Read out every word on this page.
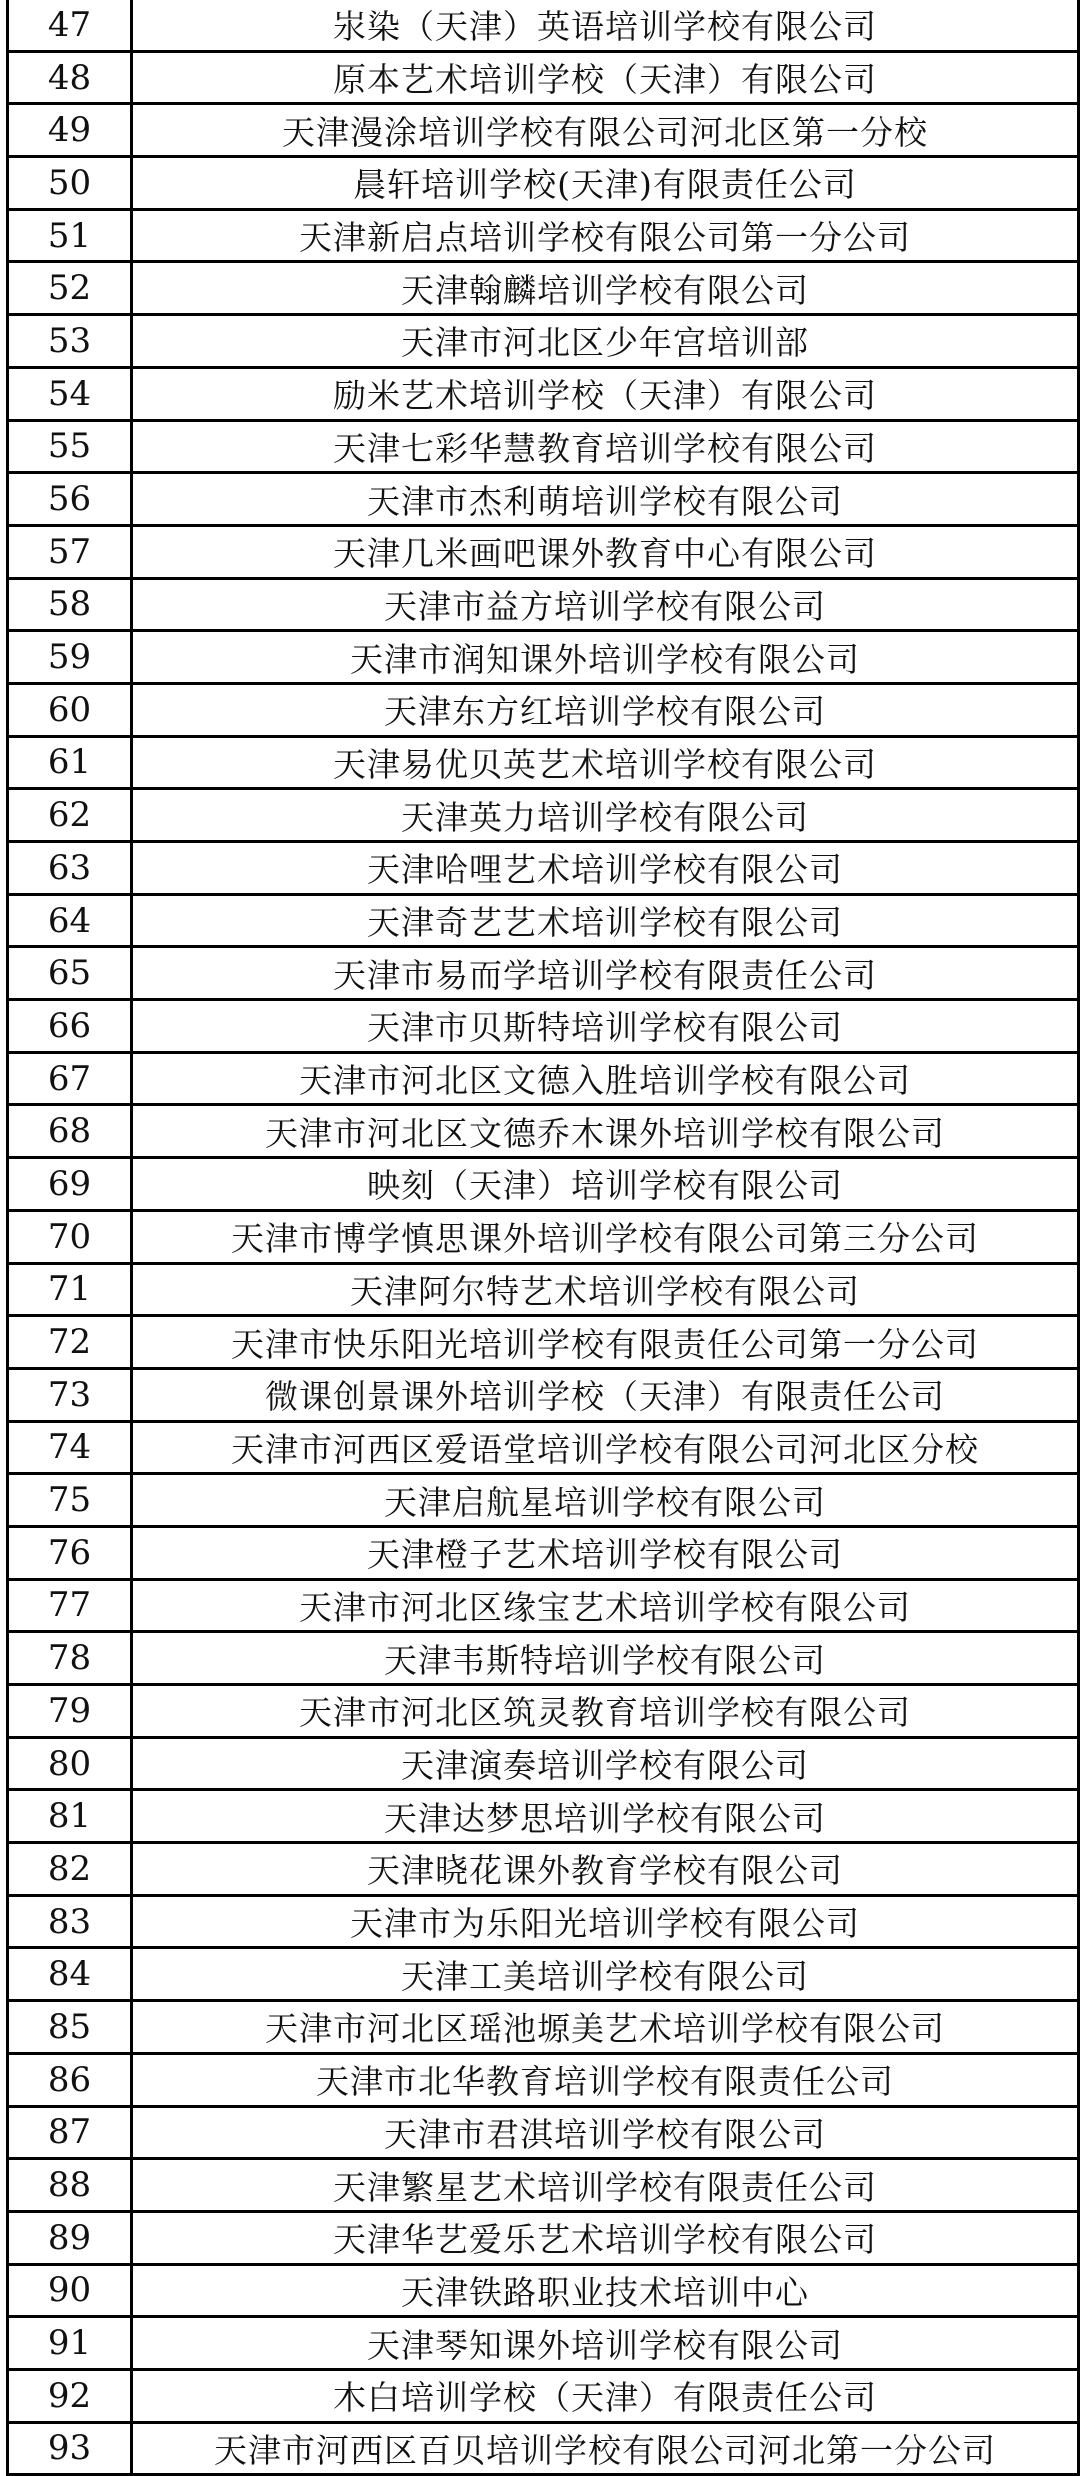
47	汖染（天津）英语培训学校有限公司
48	原本艺术培训学校（天津）有限公司
49	天津漫涂培训学校有限公司河北区第一分校
50	晨轩培训学校(天津)有限责任公司
51	天津新启点培训学校有限公司第一分公司
52	天津翰麟培训学校有限公司
53	天津市河北区少年宫培训部
54	励米艺术培训学校（天津）有限公司
55	天津七彩华慧教育培训学校有限公司
56	天津市杰利萌培训学校有限公司
57	天津几米画吧课外教育中心有限公司
58	天津市益方培训学校有限公司
59	天津市润知课外培训学校有限公司
60	天津东方红培训学校有限公司
61	天津易优贝英艺术培训学校有限公司
62	天津英力培训学校有限公司
63	天津哈哩艺术培训学校有限公司
64	天津奇艺艺术培训学校有限公司
65	天津市易而学培训学校有限责任公司
66	天津市贝斯特培训学校有限公司
67	天津市河北区文德入胜培训学校有限公司
68	天津市河北区文德乔木课外培训学校有限公司
69	映刻（天津）培训学校有限公司
70	天津市博学慎思课外培训学校有限公司第三分公司
71	天津阿尔特艺术培训学校有限公司
72	天津市快乐阳光培训学校有限责任公司第一分公司
73	微课创景课外培训学校（天津）有限责任公司
74	天津市河西区爱语堂培训学校有限公司河北区分校
75	天津启航星培训学校有限公司
76	天津橙子艺术培训学校有限公司
77	天津市河北区缘宝艺术培训学校有限公司
78	天津韦斯特培训学校有限公司
79	天津市河北区筑灵教育培训学校有限公司
80	天津演奏培训学校有限公司
81	天津达梦思培训学校有限公司
82	天津晓花课外教育学校有限公司
83	天津市为乐阳光培训学校有限公司
84	天津工美培训学校有限公司
85	天津市河北区瑶池塬美艺术培训学校有限公司
86	天津市北华教育培训学校有限责任公司
87	天津市君淇培训学校有限公司
88	天津繁星艺术培训学校有限责任公司
89	天津华艺爱乐艺术培训学校有限公司
90	天津铁路职业技术培训中心
91	天津琴知课外培训学校有限公司
92	木白培训学校（天津）有限责任公司
93	天津市河西区百贝培训学校有限公司河北第一分公司
